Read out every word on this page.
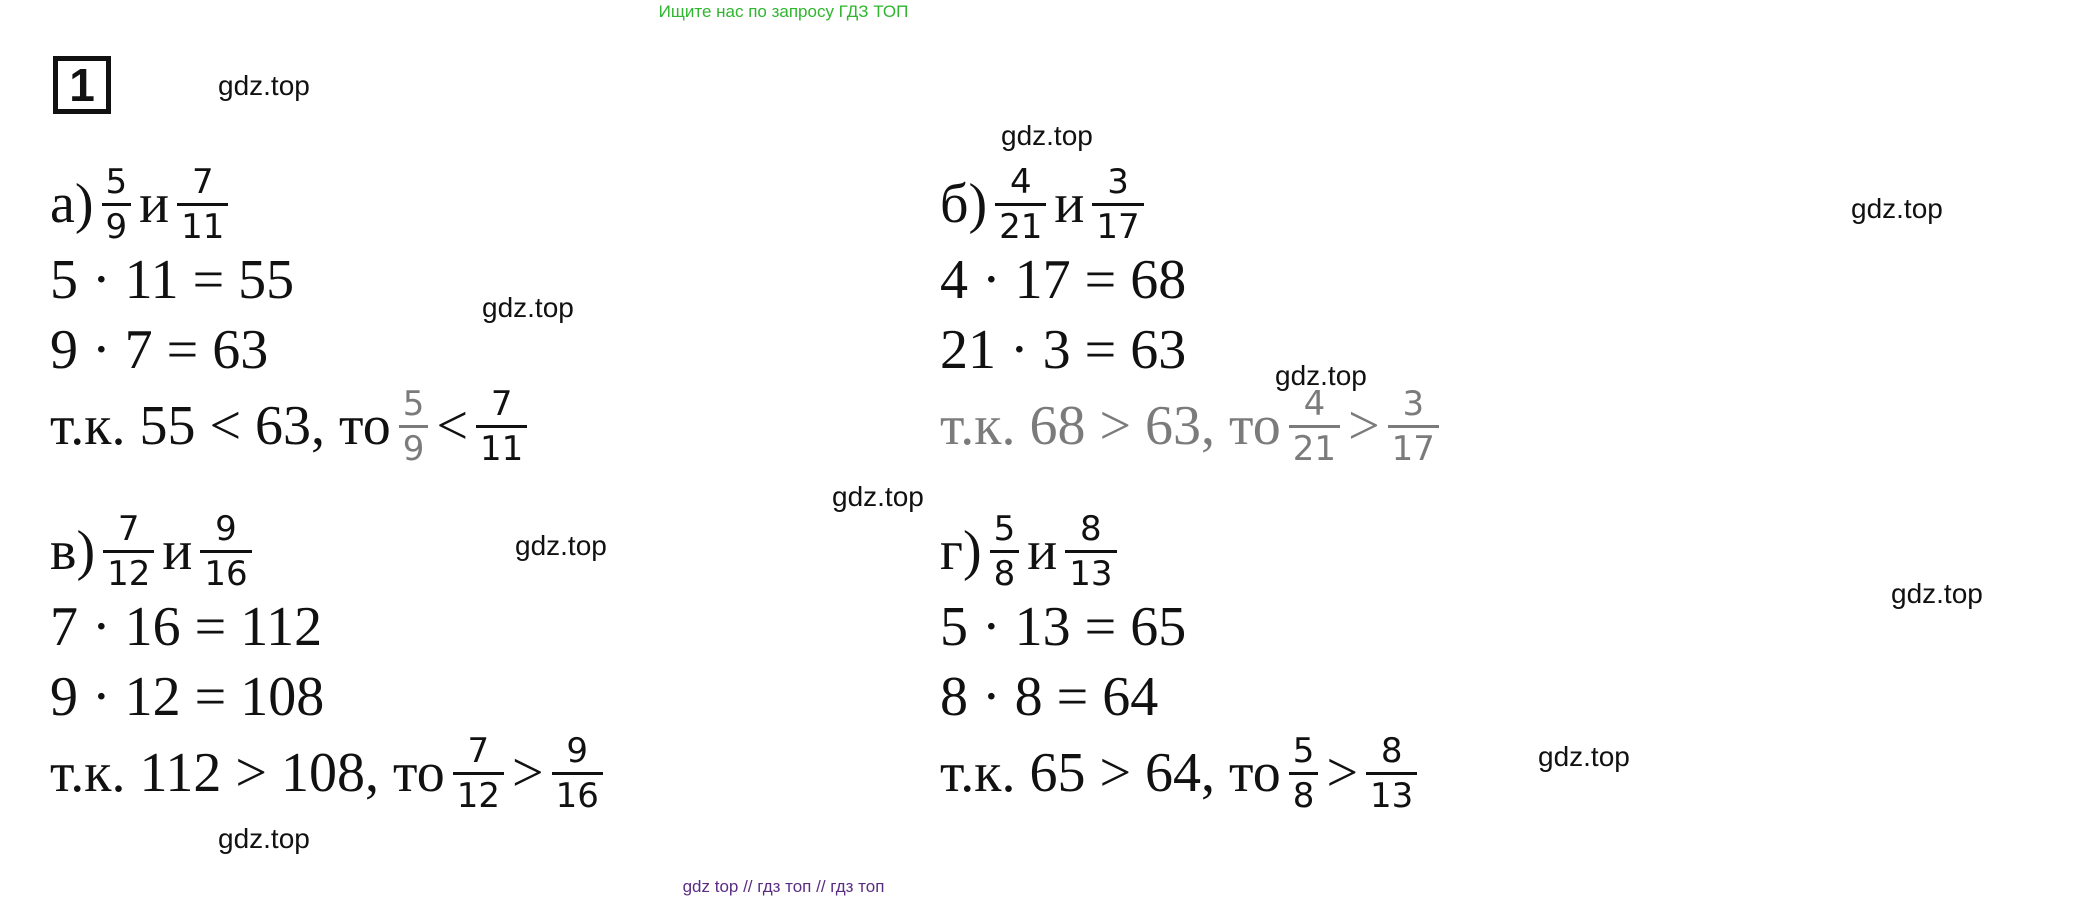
Ищите нас по запросу ГДЗ ТОП
1
$а) \frac{5}{9}$ и $\frac{7}{11}$
5 · 11 = 55
9 · 7 = 63
т.к. 55 < 63, то $\frac{5}{9} < \frac{7}{11}$
$б) \frac{4}{21}$ и $\frac{3}{17}$
4 · 17 = 68
21 · 3 = 63
т.к. 68 > 63, то $\frac{4}{21} > \frac{3}{17}$
$в) \frac{7}{12}$ и $\frac{9}{16}$
7 · 16 = 112
9 · 12 = 108
т.к. 112 > 108, то $\frac{7}{12} > \frac{9}{16}$
$г) \frac{5}{8}$ и $\frac{8}{13}$
5 · 13 = 65
8 · 8 = 64
т.к. 65 > 64, то $\frac{5}{8} > \frac{8}{13}$
gdz.top
gdz.top
gdz.top
gdz.top
gdz.top
gdz.top
gdz.top
gdz.top
gdz.top
gdz.top
gdz top // гдз топ // гдз топ
